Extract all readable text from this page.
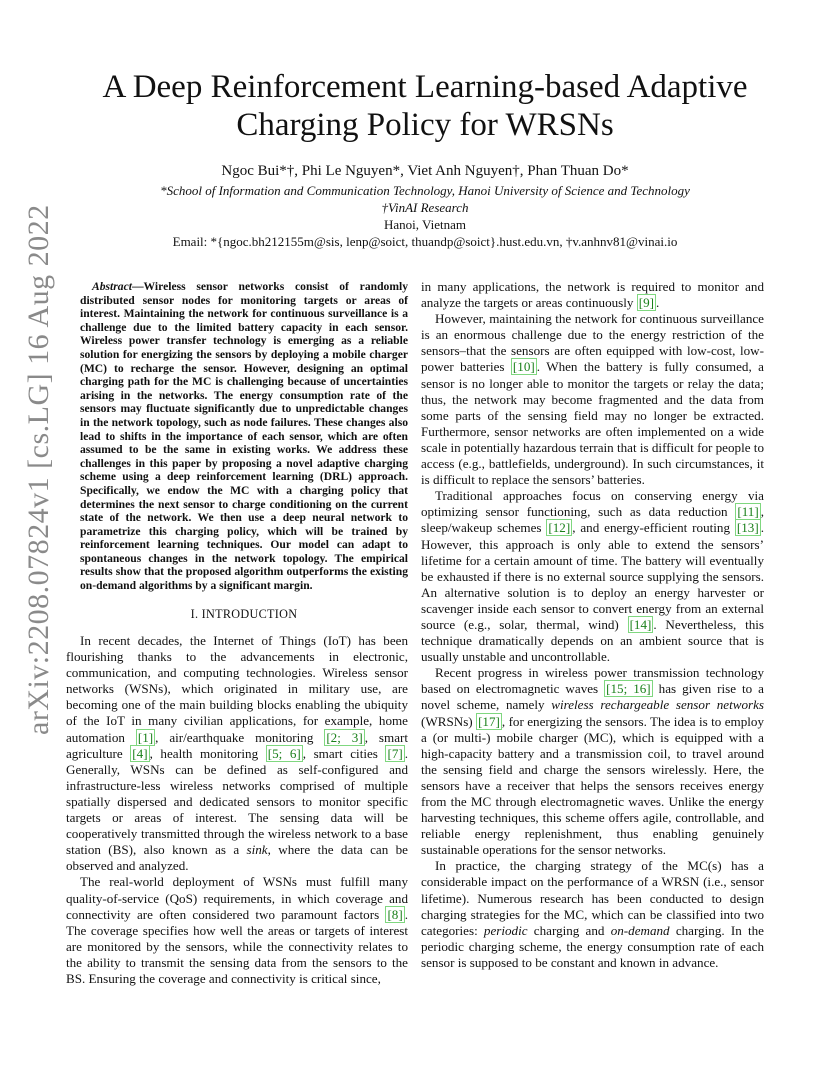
arXiv:2208.07824v1 [cs.LG] 16 Aug 2022
A Deep Reinforcement Learning-based Adaptive Charging Policy for WRSNs
Ngoc Bui*†, Phi Le Nguyen*, Viet Anh Nguyen†, Phan Thuan Do*
*School of Information and Communication Technology, Hanoi University of Science and Technology
†VinAI Research
Hanoi, Vietnam
Email: *{ngoc.bh212155m@sis, lenp@soict, thuandp@soict}.hust.edu.vn, †v.anhnv81@vinai.io
Abstract—Wireless sensor networks consist of randomly distributed sensor nodes for monitoring targets or areas of interest. Maintaining the network for continuous surveillance is a challenge due to the limited battery capacity in each sensor. Wireless power transfer technology is emerging as a reliable solution for energizing the sensors by deploying a mobile charger (MC) to recharge the sensor. However, designing an optimal charging path for the MC is challenging because of uncertainties arising in the networks. The energy consumption rate of the sensors may fluctuate significantly due to unpredictable changes in the network topology, such as node failures. These changes also lead to shifts in the importance of each sensor, which are often assumed to be the same in existing works. We address these challenges in this paper by proposing a novel adaptive charging scheme using a deep reinforcement learning (DRL) approach. Specifically, we endow the MC with a charging policy that determines the next sensor to charge conditioning on the current state of the network. We then use a deep neural network to parametrize this charging policy, which will be trained by reinforcement learning techniques. Our model can adapt to spontaneous changes in the network topology. The empirical results show that the proposed algorithm outperforms the existing on-demand algorithms by a significant margin.
I. INTRODUCTION

In recent decades, the Internet of Things (IoT) has been flourishing thanks to the advancements in electronic, communication, and computing technologies. Wireless sensor networks (WSNs), which originated in military use, are becoming one of the main building blocks enabling the ubiquity of the IoT in many civilian applications, for example, home automation [1] , air/earthquake monitoring [2; 3] , smart agriculture [4] , health monitoring [5; 6] , smart cities [7] . Generally, WSNs can be defined as self-configured and infrastructure-less wireless networks comprised of multiple spatially dispersed and dedicated sensors to monitor specific targets or areas of interest. The sensing data will be cooperatively transmitted through the wireless network to a base station (BS), also known as a sink, where the data can be observed and analyzed.

The real-world deployment of WSNs must fulfill many quality-of-service (QoS) requirements, in which coverage and connectivity are often considered two paramount factors [8] . The coverage specifies how well the areas or targets of interest are monitored by the sensors, while the connectivity relates to the ability to transmit the sensing data from the sensors to the BS. Ensuring the coverage and connectivity is critical since,

in many applications, the network is required to monitor and analyze the targets or areas continuously [9] .

However, maintaining the network for continuous surveillance is an enormous challenge due to the energy restriction of the sensors–that the sensors are often equipped with low-cost, low-power batteries [10] . When the battery is fully consumed, a sensor is no longer able to monitor the targets or relay the data; thus, the network may become fragmented and the data from some parts of the sensing field may no longer be extracted. Furthermore, sensor networks are often implemented on a wide scale in potentially hazardous terrain that is difficult for people to access (e.g., battlefields, underground). In such circumstances, it is difficult to replace the sensors’ batteries.

Traditional approaches focus on conserving energy via optimizing sensor functioning, such as data reduction [11] , sleep/wakeup schemes [12] , and energy-efficient routing [13] . However, this approach is only able to extend the sensors’ lifetime for a certain amount of time. The battery will eventually be exhausted if there is no external source supplying the sensors. An alternative solution is to deploy an energy harvester or scavenger inside each sensor to convert energy from an external source (e.g., solar, thermal, wind) [14] . Nevertheless, this technique dramatically depends on an ambient source that is usually unstable and uncontrollable.

Recent progress in wireless power transmission technology based on electromagnetic waves [15; 16] has given rise to a novel scheme, namely wireless rechargeable sensor networks (WRSNs) [17] , for energizing the sensors. The idea is to employ a (or multi-) mobile charger (MC), which is equipped with a high-capacity battery and a transmission coil, to travel around the sensing field and charge the sensors wirelessly. Here, the sensors have a receiver that helps the sensors receives energy from the MC through electromagnetic waves. Unlike the energy harvesting techniques, this scheme offers agile, controllable, and reliable energy replenishment, thus enabling genuinely sustainable operations for the sensor networks.

In practice, the charging strategy of the MC(s) has a considerable impact on the performance of a WRSN (i.e., sensor lifetime). Numerous research has been conducted to design charging strategies for the MC, which can be classified into two categories: periodic charging and on-demand charging. In the periodic charging scheme, the energy consumption rate of each sensor is supposed to be constant and known in advance.
